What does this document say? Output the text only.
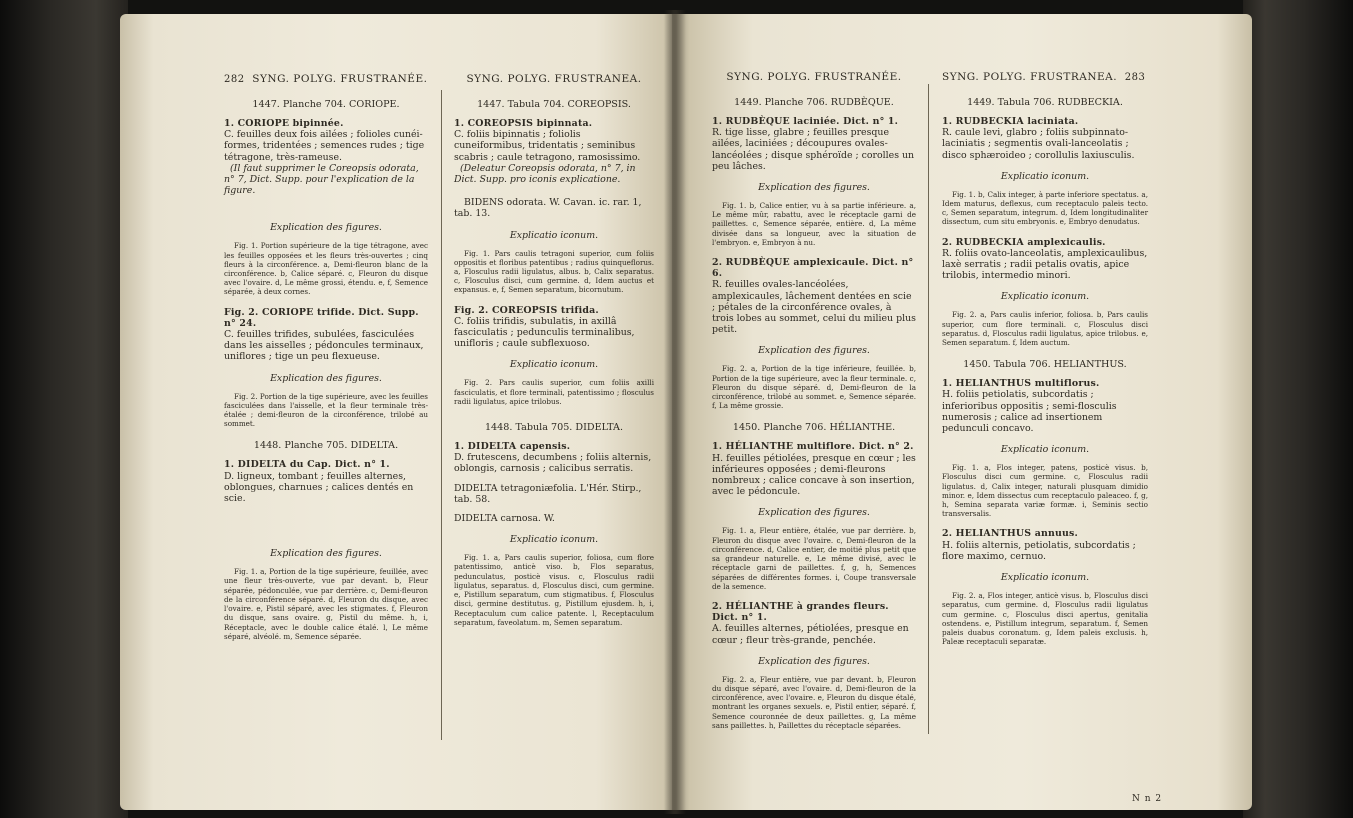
282 SYNG. POLYG. FRUSTRANÉE.
1447. Planche 704. CORIOPE.

1. CORIOPE bipinnée.

C. feuilles deux fois ailées ; folioles cunéi-formes, tridentées ; semences rudes ; tige tétragone, très-rameuse.

(Il faut supprimer le Coreopsis odorata, n° 7, Dict. Supp. pour l'explication de la figure.

Explication des figures.

Fig. 1. Portion supérieure de la tige tétragone, avec les feuilles opposées et les fleurs très-ouvertes ; cinq fleurs à la circonférence. a, Demi-fleuron blanc de la circonférence. b, Calice séparé. c, Fleuron du disque avec l'ovaire. d, Le même grossi, étendu. e, f, Semence séparée, à deux cornes.

Fig. 2. CORIOPE trifide. Dict. Supp. n° 24.

C. feuilles trifides, subulées, fasciculées dans les aisselles ; pédoncules terminaux, uniflores ; tige un peu flexueuse.

Explication des figures.

Fig. 2. Portion de la tige supérieure, avec les feuilles fasciculées dans l'aisselle, et la fleur terminale très-étalée ; demi-fleuron de la circonférence, trilobé au sommet.

1448. Planche 705. DIDELTA.

1. DIDELTA du Cap. Dict. n° 1.

D. ligneux, tombant ; feuilles alternes, oblongues, charnues ; calices dentés en scie.

Explication des figures.

Fig. 1. a, Portion de la tige supérieure, feuillée, avec une fleur très-ouverte, vue par devant. b, Fleur séparée, pédonculée, vue par derrière. c, Demi-fleuron de la circonférence séparé. d, Fleuron du disque, avec l'ovaire. e, Pistil séparé, avec les stigmates. f, Fleuron du disque, sans ovaire. g, Pistil du même. h, i, Réceptacle, avec le double calice étalé. l, Le même séparé, alvéolé. m, Semence séparée.

SYNG. POLYG. FRUSTRANEA.
1447. Tabula 704. COREOPSIS.

1. COREOPSIS bipinnata.

C. foliis bipinnatis ; foliolis cuneiformibus, tridentatis ; seminibus scabris ; caule tetragono, ramosissimo.

(Deleatur Coreopsis odorata, n° 7, in Dict. Supp. pro iconis explicatione.

BIDENS odorata. W. Cavan. ic. rar. 1, tab. 13.

Explicatio iconum.

Fig. 1. Pars caulis tetragoni superior, cum foliis oppositis et floribus patentibus ; radius quinqueflorus. a, Flosculus radii ligulatus, albus. b, Calix separatus. c, Flosculus disci, cum germine. d, Idem auctus et expansus. e, f, Semen separatum, bicornutum.

Fig. 2. COREOPSIS trifida.

C. foliis trifidis, subulatis, in axillâ fasciculatis ; pedunculis terminalibus, unifloris ; caule subflexuoso.

Explicatio iconum.

Fig. 2. Pars caulis superior, cum foliis axilli fasciculatis, et flore terminali, patentissimo ; flosculus radii ligulatus, apice trilobus.

1448. Tabula 705. DIDELTA.

1. DIDELTA capensis.

D. frutescens, decumbens ; foliis alternis, oblongis, carnosis ; calicibus serratis.

DIDELTA tetragoniæfolia. L'Hér. Stirp., tab. 58.

DIDELTA carnosa. W.

Explicatio iconum.

Fig. 1. a, Pars caulis superior, foliosa, cum flore patentissimo, anticè viso. b, Flos separatus, pedunculatus, posticè visus. c, Flosculus radii ligulatus, separatus. d, Flosculus disci, cum germine. e, Pistillum separatum, cum stigmatibus. f, Flosculus disci, germine destitutus. g, Pistillum ejusdem. h, i, Receptaculum cum calice patente. l, Receptaculum separatum, faveolatum. m, Semen separatum.

SYNG. POLYG. FRUSTRANÉE.
1449. Planche 706. RUDBÈQUE.

1. RUDBÈQUE laciniée. Dict. n° 1.

R. tige lisse, glabre ; feuilles presque ailées, laciniées ; découpures ovales-lancéolées ; disque sphéroïde ; corolles un peu lâches.

Explication des figures.

Fig. 1. b, Calice entier, vu à sa partie inférieure. a, Le même mûr, rabattu, avec le réceptacle garni de paillettes. c, Semence séparée, entière. d, La même divisée dans sa longueur, avec la situation de l'embryon. e, Embryon à nu.

2. RUDBÈQUE amplexicaule. Dict. n° 6.

R. feuilles ovales-lancéolées, amplexicaules, lâchement dentées en scie ; pétales de la circonférence ovales, à trois lobes au sommet, celui du milieu plus petit.

Explication des figures.

Fig. 2. a, Portion de la tige inférieure, feuillée. b, Portion de la tige supérieure, avec la fleur terminale. c, Fleuron du disque séparé. d, Demi-fleuron de la circonférence, trilobé au sommet. e, Semence séparée. f, La même grossie.

1450. Planche 706. HÉLIANTHE.

1. HÉLIANTHE multiflore. Dict. n° 2.

H. feuilles pétiolées, presque en cœur ; les inférieures opposées ; demi-fleurons nombreux ; calice concave à son insertion, avec le pédoncule.

Explication des figures.

Fig. 1. a, Fleur entière, étalée, vue par derrière. b, Fleuron du disque avec l'ovaire. c, Demi-fleuron de la circonférence. d, Calice entier, de moitié plus petit que sa grandeur naturelle. e, Le même divisé, avec le réceptacle garni de paillettes. f, g, h, Semences séparées de différentes formes. i, Coupe transversale de la semence.

2. HÉLIANTHE à grandes fleurs. Dict. n° 1.

A. feuilles alternes, pétiolées, presque en cœur ; fleur très-grande, penchée.

Explication des figures.

Fig. 2. a, Fleur entière, vue par devant. b, Fleuron du disque séparé, avec l'ovaire. d, Demi-fleuron de la circonférence, avec l'ovaire. e, Fleuron du disque étalé, montrant les organes sexuels. e, Pistil entier, séparé. f, Semence couronnée de deux paillettes. g, La même sans paillettes. h, Paillettes du réceptacle séparées.

SYNG. POLYG. FRUSTRANEA. 283
1449. Tabula 706. RUDBECKIA.

1. RUDBECKIA laciniata.

R. caule levi, glabro ; foliis subpinnato-laciniatis ; segmentis ovali-lanceolatis ; disco sphæroideo ; corollulis laxiusculis.

Explicatio iconum.

Fig. 1. b, Calix integer, à parte inferiore spectatus. a, Idem maturus, deflexus, cum receptaculo paleis tecto. c, Semen separatum, integrum. d, Idem longitudinaliter dissectum, cum situ embryonis. e, Embryo denudatus.

2. RUDBECKIA amplexicaulis.

R. foliis ovato-lanceolatis, amplexicaulibus, laxè serratis ; radii petalis ovatis, apice trilobis, intermedio minori.

Explicatio iconum.

Fig. 2. a, Pars caulis inferior, foliosa. b, Pars caulis superior, cum flore terminali. c, Flosculus disci separatus. d, Flosculus radii ligulatus, apice trilobus. e, Semen separatum. f, Idem auctum.

1450. Tabula 706. HELIANTHUS.

1. HELIANTHUS multiflorus.

H. foliis petiolatis, subcordatis ; inferioribus oppositis ; semi-flosculis numerosis ; calice ad insertionem pedunculi concavo.

Explicatio iconum.

Fig. 1. a, Flos integer, patens, posticè visus. b, Flosculus disci cum germine. c, Flosculus radii ligulatus. d, Calix integer, naturali plusquam dimidio minor. e, Idem dissectus cum receptaculo paleaceo. f, g, h, Semina separata variæ formæ. i, Seminis sectio transversalis.

2. HELIANTHUS annuus.

H. foliis alternis, petiolatis, subcordatis ; flore maximo, cernuo.

Explicatio iconum.

Fig. 2. a, Flos integer, anticè visus. b, Flosculus disci separatus, cum germine. d, Flosculus radii ligulatus cum germine. c, Flosculus disci apertus, genitalia ostendens. e, Pistillum integrum, separatum. f, Semen paleis duabus coronatum. g, Idem paleis exclusis. h, Paleæ receptaculi separatæ.

N n 2
